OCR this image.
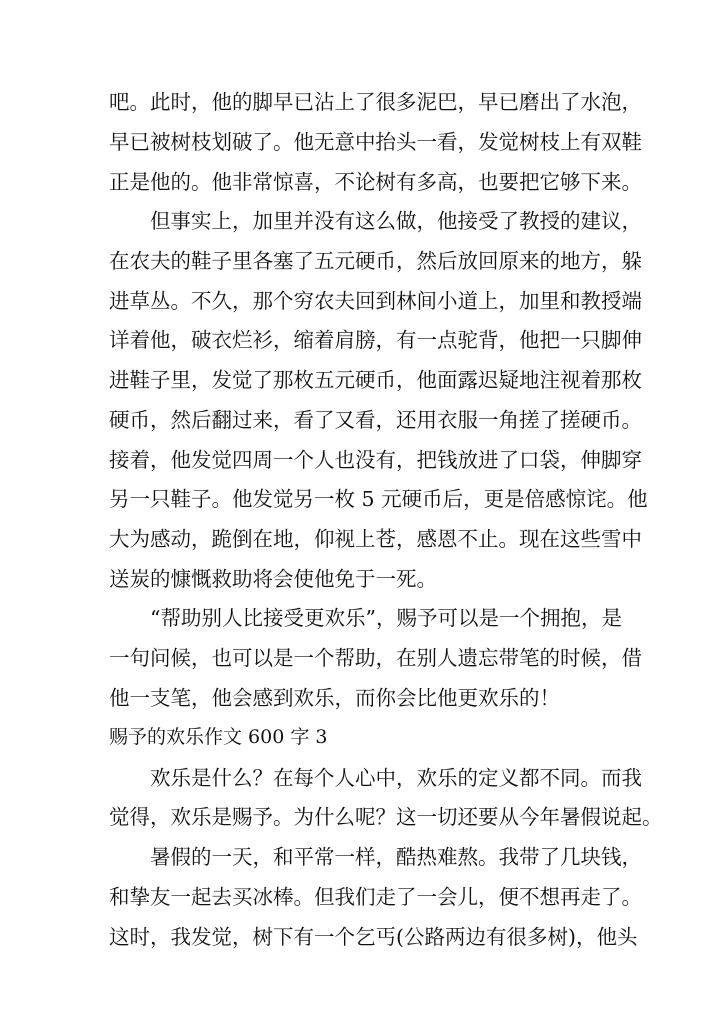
吧。此时，他的脚早已沾上了很多泥巴，早已磨出了水泡，
早已被树枝划破了。他无意中抬头一看，发觉树枝上有双鞋
正是他的。他非常惊喜，不论树有多高，也要把它够下来。
但事实上，加里并没有这么做，他接受了教授的建议，
在农夫的鞋子里各塞了五元硬币，然后放回原来的地方，躲
进草丛。不久，那个穷农夫回到林间小道上，加里和教授端
详着他，破衣烂衫，缩着肩膀，有一点驼背，他把一只脚伸
进鞋子里，发觉了那枚五元硬币，他面露迟疑地注视着那枚
硬币，然后翻过来，看了又看，还用衣服一角搓了搓硬币。
接着，他发觉四周一个人也没有，把钱放进了口袋，伸脚穿
另一只鞋子。他发觉另一枚 5 元硬币后，更是倍感惊诧。他
大为感动，跪倒在地，仰视上苍，感恩不止。现在这些雪中
送炭的慷慨救助将会使他免于一死。
“帮助别人比接受更欢乐”，赐予可以是一个拥抱，是
一句问候，也可以是一个帮助，在别人遗忘带笔的时候，借
他一支笔，他会感到欢乐，而你会比他更欢乐的！
赐予的欢乐作文 600 字 3
欢乐是什么？在每个人心中，欢乐的定义都不同。而我
觉得，欢乐是赐予。为什么呢？这一切还要从今年暑假说起。
暑假的一天，和平常一样，酷热难熬。我带了几块钱，
和挚友一起去买冰棒。但我们走了一会儿，便不想再走了。
这时，我发觉，树下有一个乞丐(公路两边有很多树)，他头
